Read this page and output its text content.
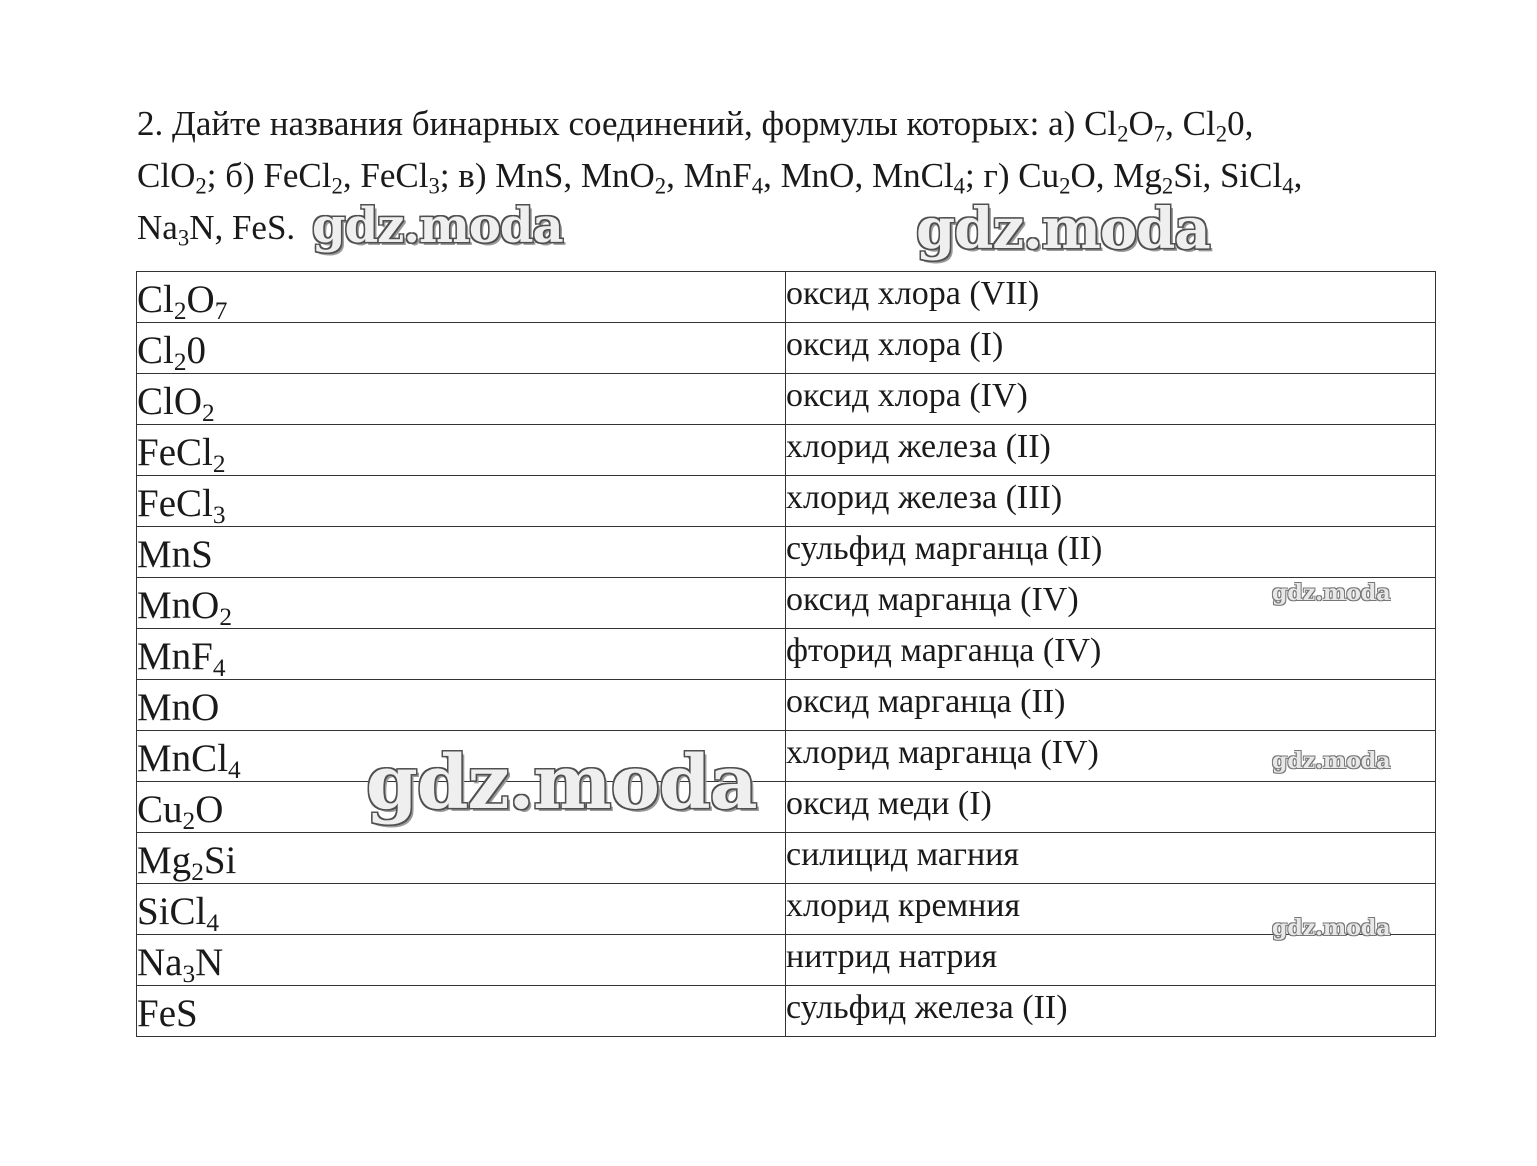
2. Дайте названия бинарных соединений, формулы которых: а) $Cl_2O_7$, $Cl_20$,
ClO$_2$; б) FeCl$_2$, FeCl$_3$; в) MnS, MnO$_2$, MnF$_4$, MnO, MnCl$_4$; г) $Cu_2O$, $Mg_2Si$, SiCl$_4$,
$Na_3N$, FeS.
$Cl_2O_7$	оксид хлора (VII)

$Cl_20$	оксид хлора (I)

ClO$_2$	оксид хлора (IV)

FeCl$_2$	хлорид железа (II)

FeCl$_3$	хлорид железа (III)

MnS	сульфид марганца (II)

MnO$_2$	оксид марганца (IV)

MnF$_4$	фторид марганца (IV)

MnO	оксид марганца (II)

MnCl$_4$	хлорид марганца (IV)

$Cu_2O$	оксид меди (I)

$Mg_2Si$	силицид магния

SiCl$_4$	хлорид кремния

$Na_3N$	нитрид натрия

FeS	сульфид железа (II)
gdz.moda	gdz.moda
gdz.moda
gdz.moda
gdz.moda
gdz.moda
